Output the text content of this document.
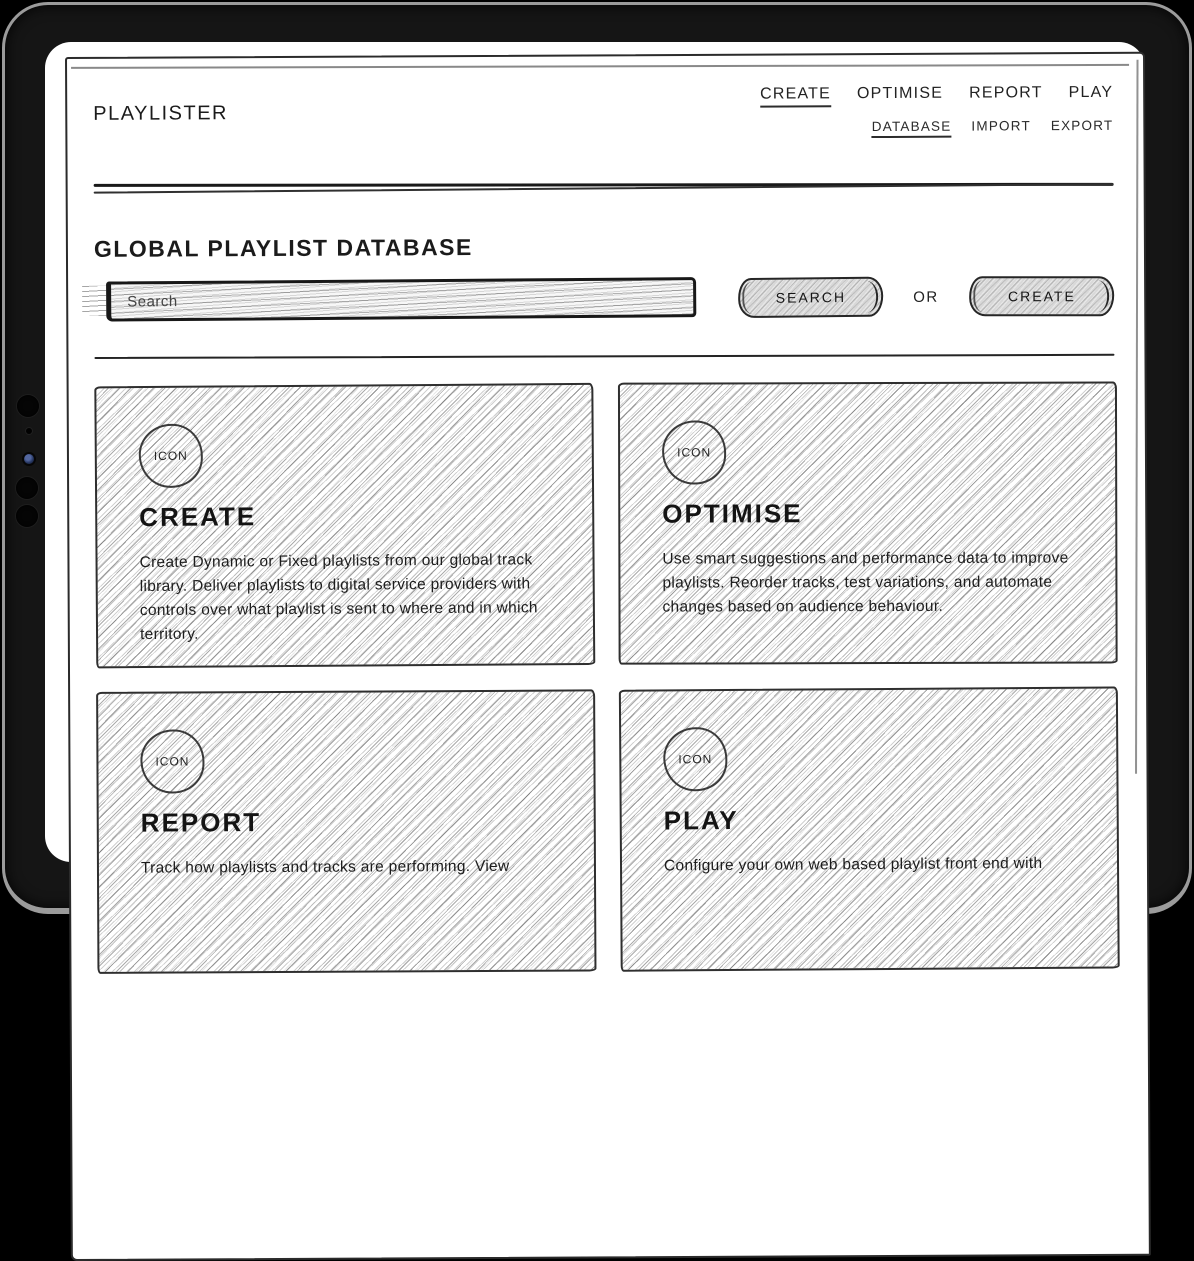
PLAYLISTER
CREATE OPTIMISE REPORT PLAY
DATABASE IMPORT EXPORT
GLOBAL PLAYLIST DATABASE
Search
SEARCH	OR	CREATE
ICON
CREATE

Create Dynamic or Fixed playlists from our global track library. Deliver playlists to digital service providers with controls over what playlist is sent to where and in which territory.

ICON
OPTIMISE

Use smart suggestions and performance data to improve playlists. Reorder tracks, test variations, and automate changes based on audience behaviour.

ICON
REPORT

Track how playlists and tracks are performing. View

ICON
PLAY

Configure your own web based playlist front end with
